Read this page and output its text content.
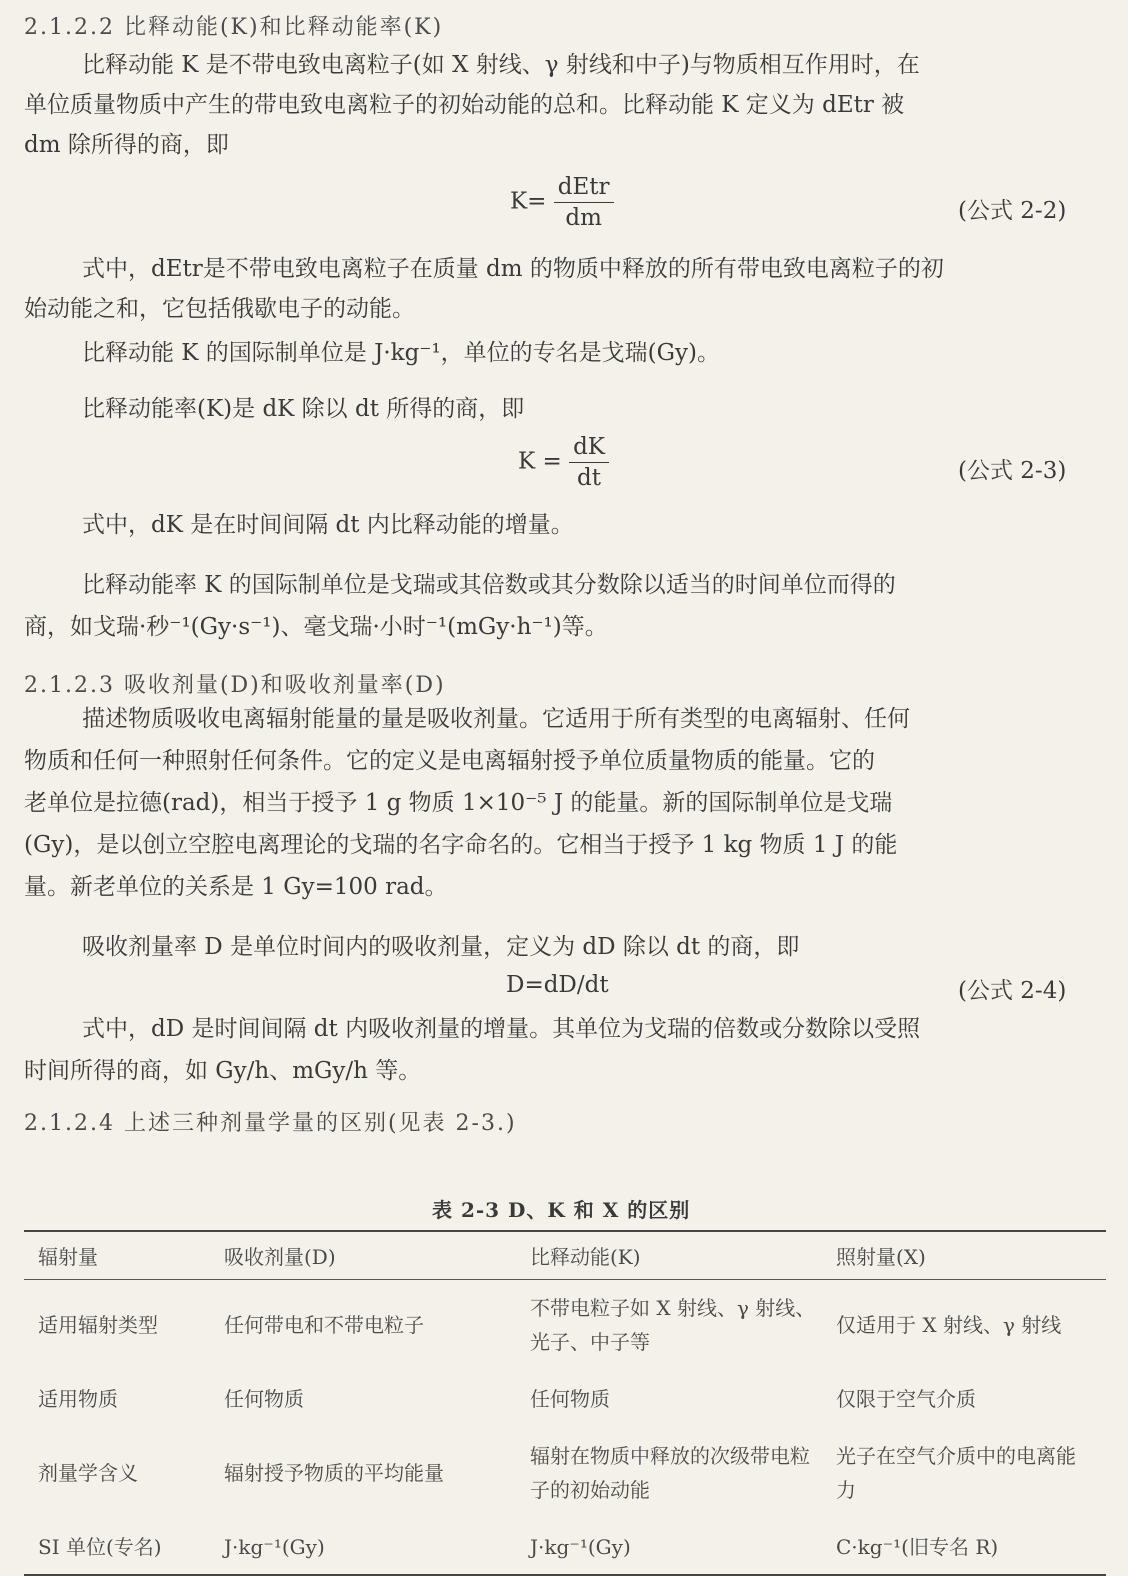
2.1.2.2 比释动能(K)和比释动能率(K)
比释动能 K 是不带电致电离粒子(如 X 射线、γ 射线和中子)与物质相互作用时，在
单位质量物质中产生的带电致电离粒子的初始动能的总和。比释动能 K 定义为 dEtr 被
dm 除所得的商，即
$K= \frac{\text{dEtr}}{dm}$	(公式 2-2)
式中，dEtr是不带电致电离粒子在质量 dm 的物质中释放的所有带电致电离粒子的初
始动能之和，它包括俄歇电子的动能。
比释动能 K 的国际制单位是 J·kg⁻¹，单位的专名是戈瑞(Gy)。
比释动能率(K)是 dK 除以 dt 所得的商，即
$K = \frac{dK}{dt}$	(公式 2-3)
式中，dK 是在时间间隔 dt 内比释动能的增量。
比释动能率 K 的国际制单位是戈瑞或其倍数或其分数除以适当的时间单位而得的
商，如戈瑞·秒⁻¹(Gy·s⁻¹)、毫戈瑞·小时⁻¹(mGy·h⁻¹)等。
2.1.2.3 吸收剂量(D)和吸收剂量率(D)
描述物质吸收电离辐射能量的量是吸收剂量。它适用于所有类型的电离辐射、任何
物质和任何一种照射任何条件。它的定义是电离辐射授予单位质量物质的能量。它的
老单位是拉德(rad)，相当于授予 1 g 物质 1×10⁻⁵ J 的能量。新的国际制单位是戈瑞
(Gy)，是以创立空腔电离理论的戈瑞的名字命名的。它相当于授予 1 kg 物质 1 J 的能
量。新老单位的关系是 1 Gy=100 rad。
吸收剂量率 D 是单位时间内的吸收剂量，定义为 dD 除以 dt 的商，即
D=dD/dt	(公式 2-4)
式中，dD 是时间间隔 dt 内吸收剂量的增量。其单位为戈瑞的倍数或分数除以受照
时间所得的商，如 Gy/h、mGy/h 等。
2.1.2.4 上述三种剂量学量的区别(见表 2-3.)
表 2-3 D、K 和 X 的区别
辐射量	吸收剂量(D)	比释动能(K)	照射量(X)

适用辐射类型	任何带电和不带电粒子	不带电粒子如 X 射线、γ 射线、光子、中子等	仅适用于 X 射线、γ 射线

适用物质	任何物质	任何物质	仅限于空气介质

剂量学含义	辐射授予物质的平均能量	辐射在物质中释放的次级带电粒子的初始动能	光子在空气介质中的电离能力

SI 单位(专名)	J·kg⁻¹(Gy)	J·kg⁻¹(Gy)	C·kg⁻¹(旧专名 R)
